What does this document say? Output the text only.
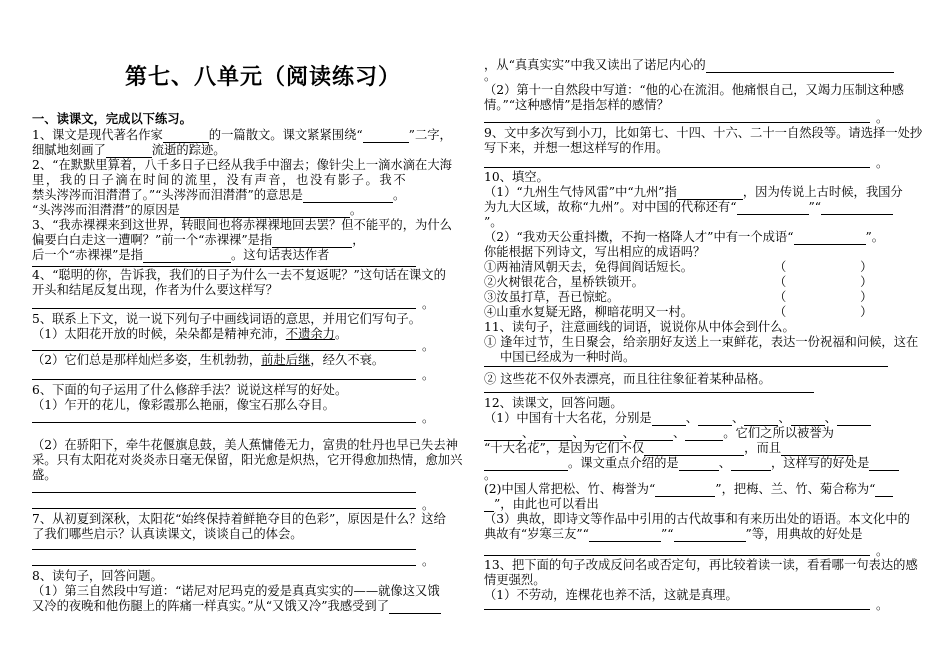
第七、八单元（阅读练习）
一、读课文，完成以下练习。
1、课文是现代著名作家	的一篇散文。课文紧紧围绕“	”二字，
细腻地刻画了	流逝的踪迹。
2、“在默默里算着，八千多日子已经从我手中溜去；像针尖上一滴水滴在大海
里，我的日子滴在时间的流里，没有声音，也没有影子。我不
禁头涔涔而泪潸潸了。”“头涔涔而泪潸潸”的意思是	。
“头涔涔而泪潸潸”的原因是	。
3、“我赤裸裸来到这世界，转眼间也将赤裸裸地回去罢？但不能平的，为什么
偏要白白走这一遭啊？”前一个“赤裸裸”是指	，
后一个“赤裸裸”是指	。这句话表达作者
4、“聪明的你，告诉我，我们的日子为什么一去不复返呢？”这句话在课文的
开头和结尾反复出现，作者为什么要这样写？
。
5、联系上下文，说一说下列句子中画线词语的意思，并用它们写句子。
（1）太阳花开放的时候，朵朵都是精神充沛，不遗余力。
。
（2）它们总是那样灿烂多姿，生机勃勃，前赴后继，经久不衰。
。
6、下面的句子运用了什么修辞手法？说说这样写的好处。
（1）乍开的花儿，像彩霞那么艳丽，像宝石那么夺目。
。
（2）在骄阳下，牵牛花偃旗息鼓，美人蕉慵倦无力，富贵的牡丹也早已失去神
采。只有太阳花对炎炎赤日毫无保留，阳光愈是炽热，它开得愈加热情，愈加兴
盛。
。
7、从初夏到深秋，太阳花“始终保持着鲜艳夺目的色彩”，原因是什么？这给
了我们哪些启示？认真读课文，谈谈自己的体会。
。
8、读句子，回答问题。
（1）第三自然段中写道：“诺尼对尼玛克的爱是真真实实的——就像这又饿
又冷的夜晚和他伤腿上的阵痛一样真实。”从“又饿又冷”我感受到了
，从“真真实实”中我又读出了诺尼内心的
。
（2）第十一自然段中写道：“他的心在流泪。他痛恨自己，又竭力压制这种感
情。”“这种感情”是指怎样的感情？
。
9、文中多次写到小刀，比如第七、十四、十六、二十一自然段等。请选择一处抄
写下来，并想一想这样写的作用。
。
10、填空。
（1）“九州生气恃风雷”中“九州”指	，因为传说上古时候，我国分
为九大区域，故称“九州”。对中国的代称还有“	”“
”。
（2）“我劝天公重抖擞，不拘一格降人才”中有一个成语“	”。
你能根据下列诗文，写出相应的成语吗？
①两袖清风朝天去，免得闾阎话短长。	（　　　　　　）
②火树银花合，星桥铁锁开。	（　　　　　　）
③汝虽打草，吾已惊蛇。	（　　　　　　）
④山重水复疑无路，柳暗花明又一村。	（　　　　　　）
11、读句子，注意画线的词语，说说你从中体会到什么。
① 逢年过节，生日聚会，给亲朋好友送上一束鲜花，表达一份祝福和问候，这在
中国已经成为一种时尚。
② 这些花不仅外表漂亮，而且往往象征着某种品格。
12、读课文，回答问题。
（1）中国有十大名花，分别是	、	、	、	、
、	、	、	、	。它们之所以被誉为
“十大名花”，是因为它们不仅	，而且
。课文重点介绍的是	、	，这样写的好处是
。
(2)中国人常把松、竹、梅誉为“	”，把梅、兰、竹、菊合称为“
”，由此也可以看出
（3）典故，即诗文等作品中引用的古代故事和有来历出处的语语。本文化中的
典故有“岁寒三友”“	”“	”等，用典故的好处是
。
13、把下面的句子改成反问名或否定句，再比较着读一读，看看哪一句表达的感
情更强烈。
（1）不劳动，连棵花也养不活，这就是真理。
。
